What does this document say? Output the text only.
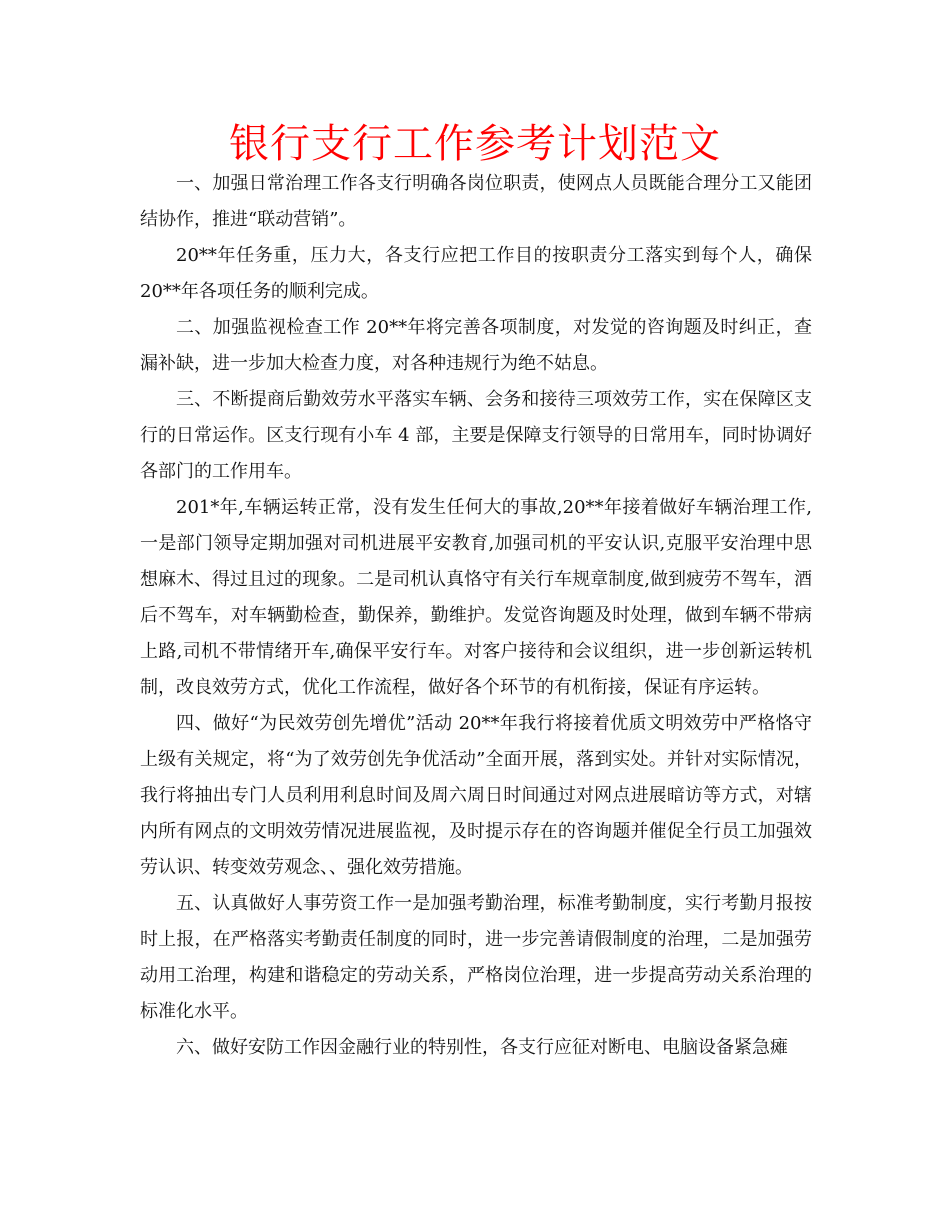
银行支行工作参考计划范文

一、加强日常治理工作各支行明确各岗位职责，使网点人员既能合理分工又能团结协作，推进“联动营销”。

20**年任务重，压力大，各支行应把工作目的按职责分工落实到每个人，确保20**年各项任务的顺利完成。

二、加强监视检查工作 20**年将完善各项制度，对发觉的咨询题及时纠正，查漏补缺，进一步加大检查力度，对各种违规行为绝不姑息。

三、不断提商后勤效劳水平落实车辆、会务和接待三项效劳工作，实在保障区支行的日常运作。区支行现有小车 4 部，主要是保障支行领导的日常用车，同时协调好各部门的工作用车。

201*年,车辆运转正常，没有发生任何大的事故,20**年接着做好车辆治理工作,一是部门领导定期加强对司机进展平安教育,加强司机的平安认识,克服平安治理中思想麻木、得过且过的现象。二是司机认真恪守有关行车规章制度,做到疲劳不驾车，酒后不驾车，对车辆勤检查，勤保养，勤维护。发觉咨询题及时处理，做到车辆不带病上路,司机不带情绪开车,确保平安行车。对客户接待和会议组织，进一步创新运转机制，改良效劳方式，优化工作流程，做好各个环节的有机衔接，保证有序运转。

四、做好“为民效劳创先增优”活动 20**年我行将接着优质文明效劳中严格恪守上级有关规定，将“为了效劳创先争优活动”全面开展，落到实处。并针对实际情况，我行将抽出专门人员利用利息时间及周六周日时间通过对网点进展暗访等方式，对辖内所有网点的文明效劳情况进展监视，及时提示存在的咨询题并催促全行员工加强效劳认识、转变效劳观念、、强化效劳措施。

五、认真做好人事劳资工作一是加强考勤治理，标准考勤制度，实行考勤月报按时上报，在严格落实考勤责任制度的同时，进一步完善请假制度的治理，二是加强劳动用工治理，构建和谐稳定的劳动关系，严格岗位治理，进一步提高劳动关系治理的标准化水平。

六、做好安防工作因金融行业的特别性，各支行应征对断电、电脑设备紧急瘫
